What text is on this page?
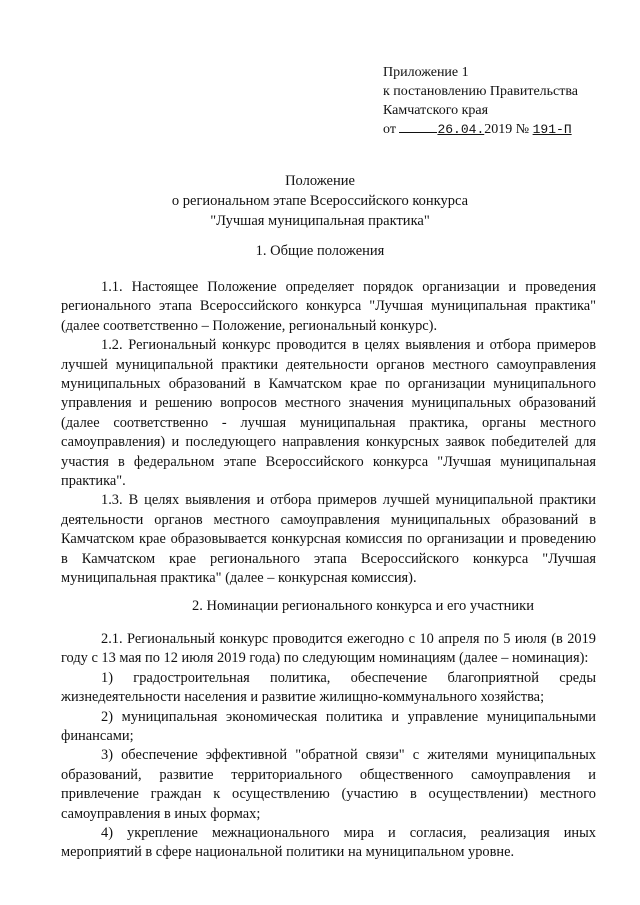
Приложение 1
к постановлению Правительства
Камчатского края
от	26.04.2019 № 191-П
Положение
о региональном этапе Всероссийского конкурса
"Лучшая муниципальная практика"
1. Общие положения

1.1. Настоящее Положение определяет порядок организации и проведения регионального этапа Всероссийского конкурса "Лучшая муниципальная практика" (далее соответственно – Положение, региональный конкурс).

1.2. Региональный конкурс проводится в целях выявления и отбора примеров лучшей муниципальной практики деятельности органов местного самоуправления муниципальных образований в Камчатском крае по организации муниципального управления и решению вопросов местного значения муниципальных образований (далее соответственно - лучшая муниципальная практика, органы местного самоуправления) и последующего направления конкурсных заявок победителей для участия в федеральном этапе Всероссийского конкурса "Лучшая муниципальная практика".

1.3. В целях выявления и отбора примеров лучшей муниципальной практики деятельности органов местного самоуправления муниципальных образований в Камчатском крае образовывается конкурсная комиссия по организации и проведению в Камчатском крае регионального этапа Всероссийского конкурса "Лучшая муниципальная практика" (далее – конкурсная комиссия).

2. Номинации регионального конкурса и его участники

2.1. Региональный конкурс проводится ежегодно с 10 апреля по 5 июля (в 2019 году с 13 мая по 12 июля 2019 года) по следующим номинациям (далее – номинация):

1) градостроительная политика, обеспечение благоприятной среды жизнедеятельности населения и развитие жилищно-коммунального хозяйства;

2) муниципальная экономическая политика и управление муниципальными финансами;

3) обеспечение эффективной "обратной связи" с жителями муниципальных образований, развитие территориального общественного самоуправления и привлечение граждан к осуществлению (участию в осуществлении) местного самоуправления в иных формах;

4) укрепление межнационального мира и согласия, реализация иных мероприятий в сфере национальной политики на муниципальном уровне.
